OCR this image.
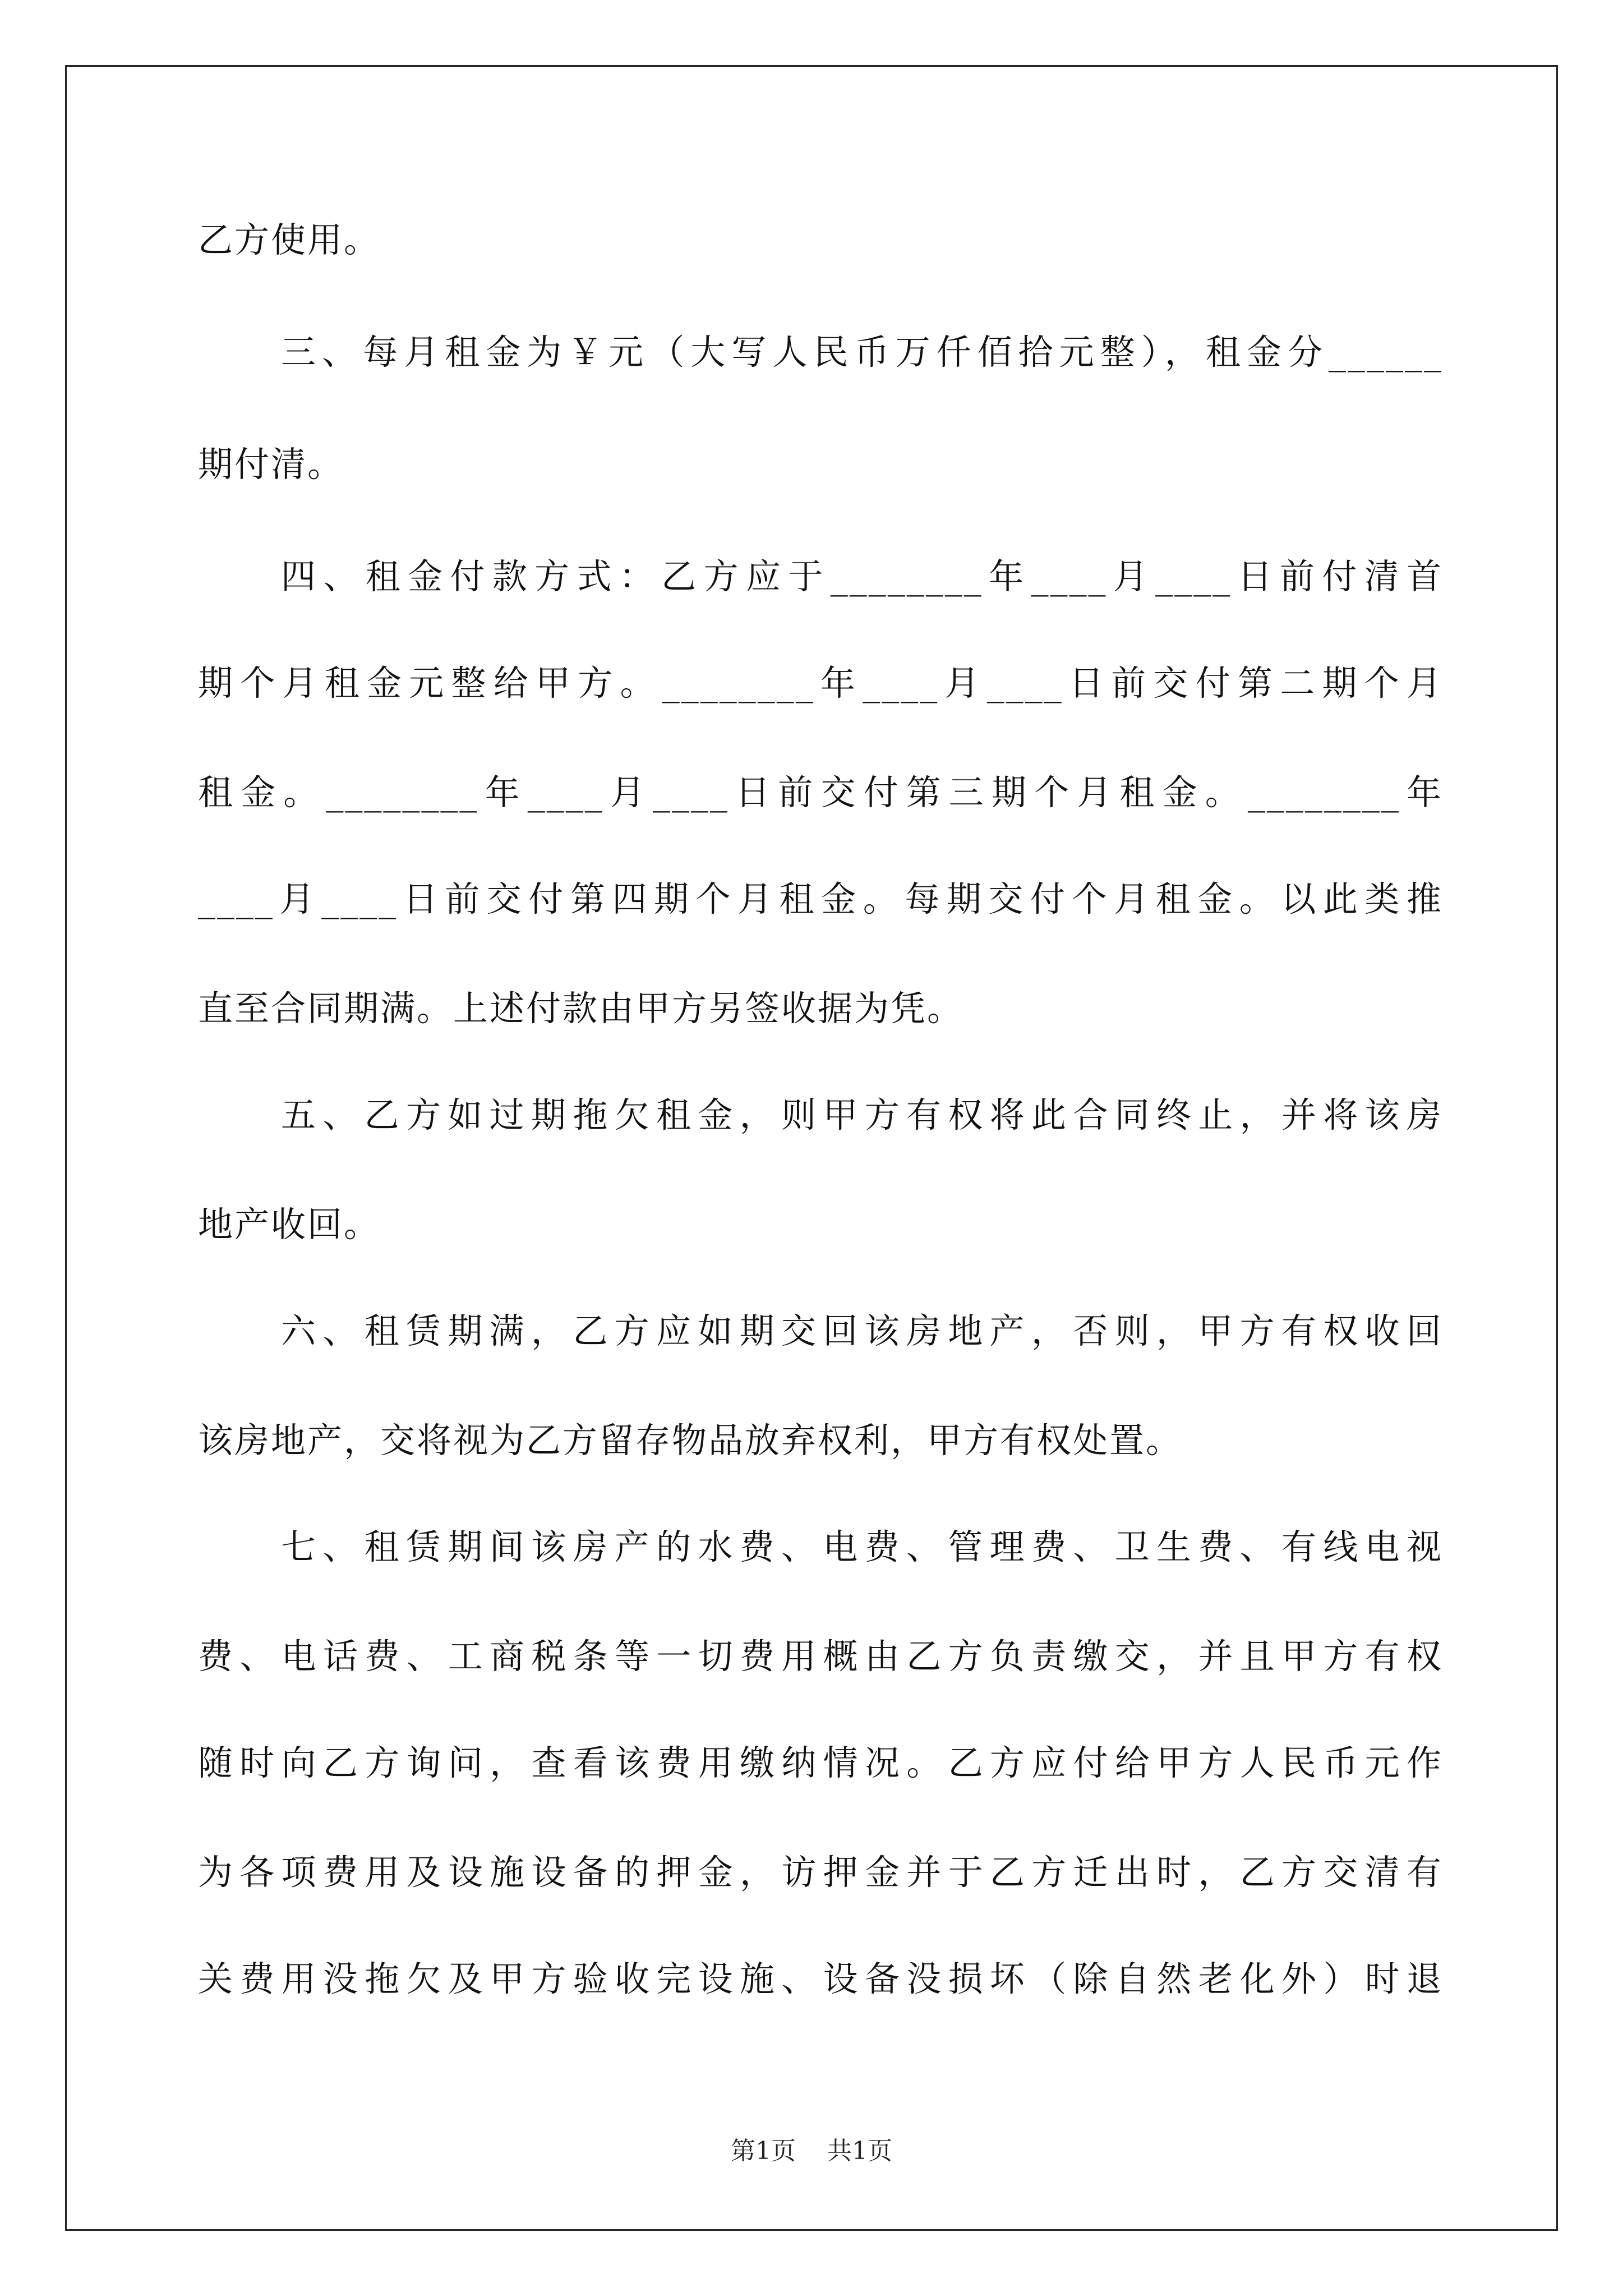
乙方使用。
三、每月租金为￥元（大写人民币万仟佰拾元整），租金分______
期付清。
四、租金付款方式：乙方应于________年____月____日前付清首
期个月租金元整给甲方。________年____月____日前交付第二期个月
租金。________年____月____日前交付第三期个月租金。________年
____月____日前交付第四期个月租金。每期交付个月租金。以此类推
直至合同期满。上述付款由甲方另签收据为凭。
五、乙方如过期拖欠租金，则甲方有权将此合同终止，并将该房
地产收回。
六、租赁期满，乙方应如期交回该房地产，否则，甲方有权收回
该房地产，交将视为乙方留存物品放弃权利，甲方有权处置。
七、租赁期间该房产的水费、电费、管理费、卫生费、有线电视
费、电话费、工商税条等一切费用概由乙方负责缴交，并且甲方有权
随时向乙方询问，查看该费用缴纳情况。乙方应付给甲方人民币元作
为各项费用及设施设备的押金，访押金并于乙方迁出时，乙方交清有
关费用没拖欠及甲方验收完设施、设备没损坏（除自然老化外）时退
第1页    共1页
